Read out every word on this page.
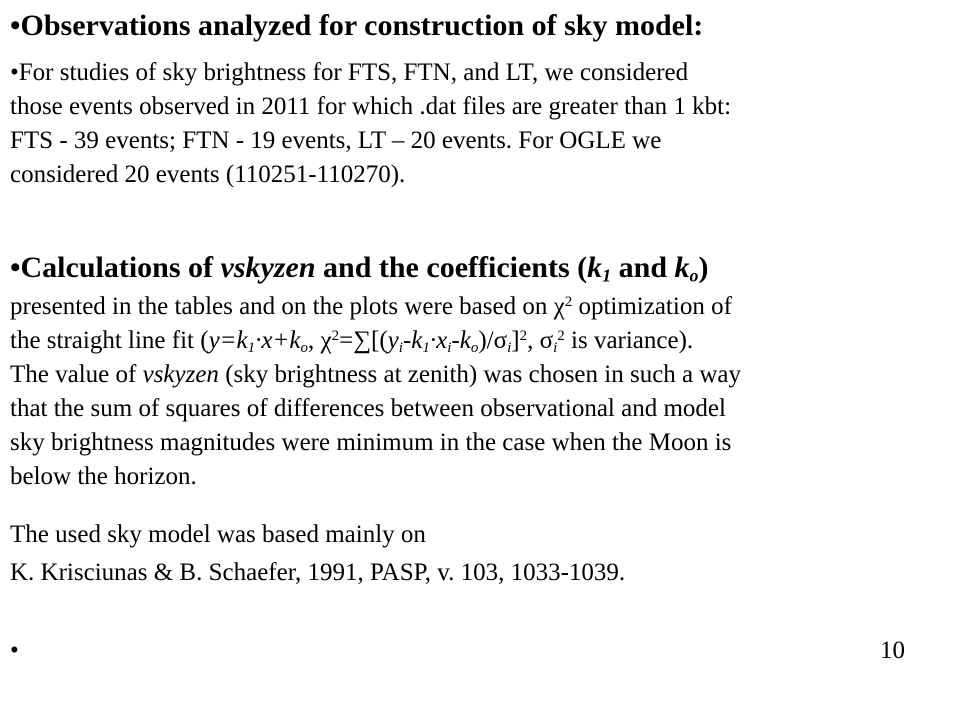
•Observations analyzed for construction of sky model:
•For studies of sky brightness for FTS, FTN, and LT, we considered
those events observed in 2011 for which .dat files are greater than 1 kbt:
FTS - 39 events; FTN - 19 events, LT – 20 events. For OGLE we
considered 20 events (110251-110270).
•Calculations of vskyzen and the coefficients ($k_1$ and $k_o$)
presented in the tables and on the plots were based on $\chi^2$ optimization of
the straight line fit ($y=k_1\cdot x+k_o$, $\chi^2=\sum[(y_i-k_1\cdot x_i-k_o)/\sigma_i]^2$, $\sigma_i^2$ is variance).
The value of vskyzen (sky brightness at zenith) was chosen in such a way
that the sum of squares of differences between observational and model
sky brightness magnitudes were minimum in the case when the Moon is
below the horizon.
The used sky model was based mainly on
K. Krisciunas & B. Schaefer, 1991, PASP, v. 103, 1033-1039.
•	10
